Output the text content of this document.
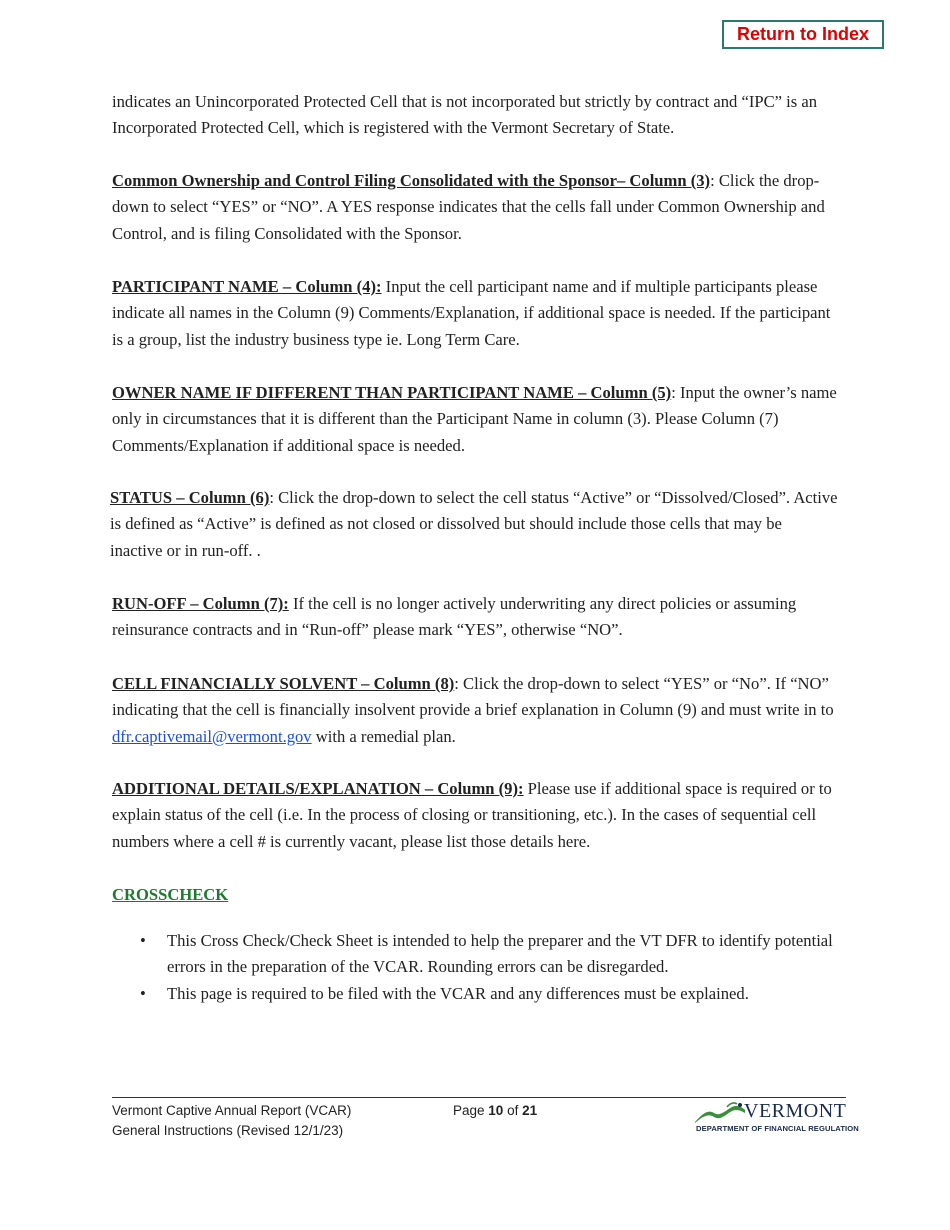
Return to Index

indicates an Unincorporated Protected Cell that is not incorporated but strictly by contract and “IPC” is an Incorporated Protected Cell, which is registered with the Vermont Secretary of State.

Common Ownership and Control Filing Consolidated with the Sponsor– Column (3): Click the drop-down to select “YES” or “NO”. A YES response indicates that the cells fall under Common Ownership and Control, and is filing Consolidated with the Sponsor.

PARTICIPANT NAME – Column (4): Input the cell participant name and if multiple participants please indicate all names in the Column (9) Comments/Explanation, if additional space is needed. If the participant is a group, list the industry business type ie. Long Term Care.

OWNER NAME IF DIFFERENT THAN PARTICIPANT NAME – Column (5): Input the owner’s name only in circumstances that it is different than the Participant Name in column (3). Please Column (7) Comments/Explanation if additional space is needed.

STATUS – Column (6): Click the drop-down to select the cell status “Active” or “Dissolved/Closed”. Active is defined as “Active” is defined as not closed or dissolved but should include those cells that may be inactive or in run-off. .

RUN-OFF – Column (7): If the cell is no longer actively underwriting any direct policies or assuming reinsurance contracts and in “Run-off” please mark “YES”, otherwise “NO”.

CELL FINANCIALLY SOLVENT – Column (8): Click the drop-down to select “YES” or “No”. If “NO” indicating that the cell is financially insolvent provide a brief explanation in Column (9) and must write in to dfr.captivemail@vermont.gov with a remedial plan.

ADDITIONAL DETAILS/EXPLANATION – Column (9): Please use if additional space is required or to explain status of the cell (i.e. In the process of closing or transitioning, etc.). In the cases of sequential cell numbers where a cell # is currently vacant, please list those details here.

CROSSCHECK

• This Cross Check/Check Sheet is intended to help the preparer and the VT DFR to identify potential errors in the preparation of the VCAR. Rounding errors can be disregarded.
• This page is required to be filed with the VCAR and any differences must be explained.
Vermont Captive Annual Report (VCAR)
General Instructions (Revised 12/1/23)
Page 10 of 21	VERMONT
DEPARTMENT OF FINANCIAL REGULATION
